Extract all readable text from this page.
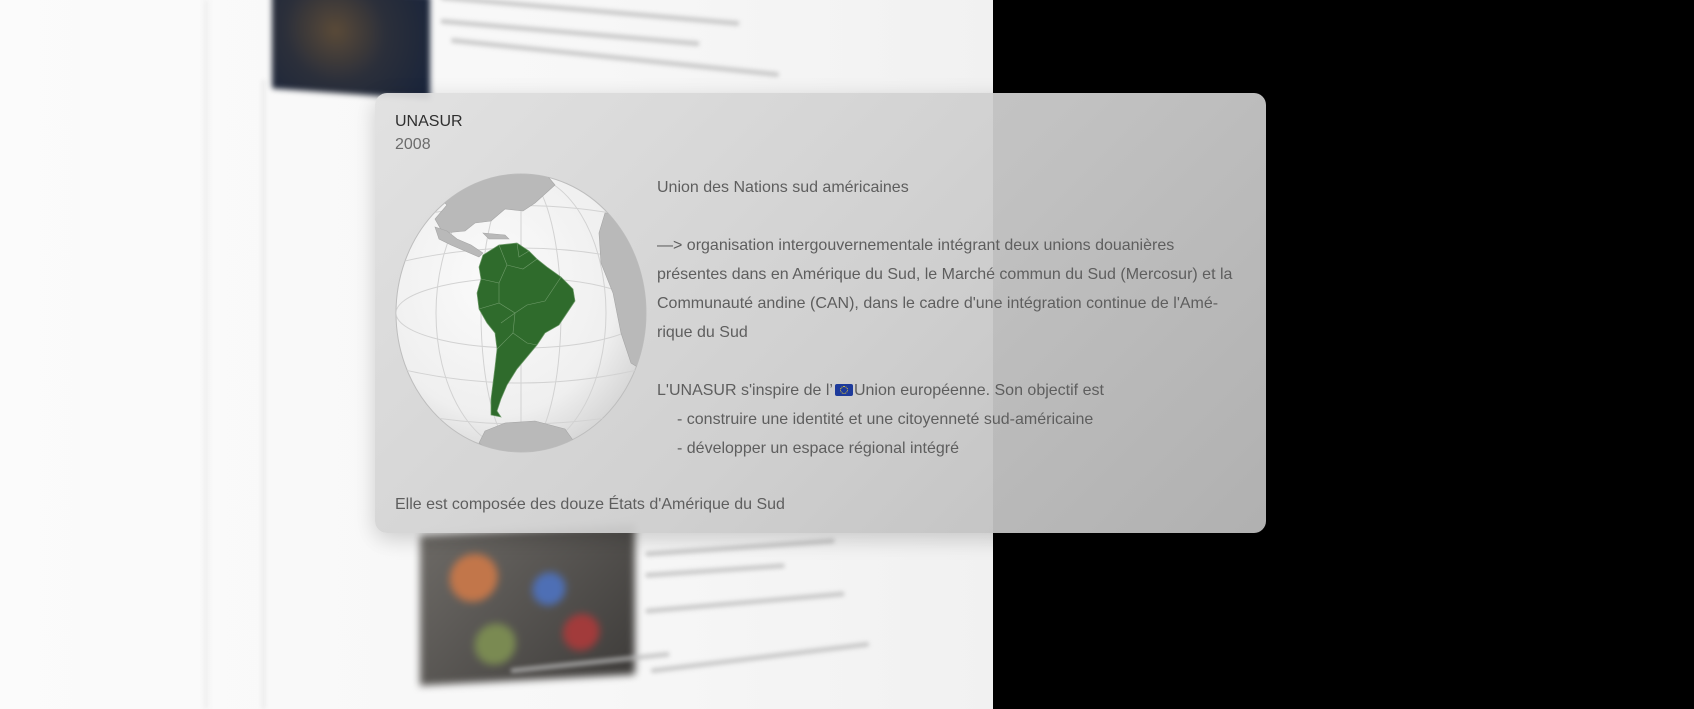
UNASUR
2008

Union des Nations sud américaines

—> organisation intergouvernementale intégrant deux unions douanières présentes dans en Amérique du Sud, le Marché commun du Sud (Mercosur) et la Communauté andine (CAN), dans le cadre d'une intégration continue de l'Amé-rique du Sud

L'UNASUR s'inspire de l’ Union européenne. Son objectif est

- construire une identité et une citoyenneté sud-américaine

- développer un espace régional intégré

Elle est composée des douze États d'Amérique du Sud
